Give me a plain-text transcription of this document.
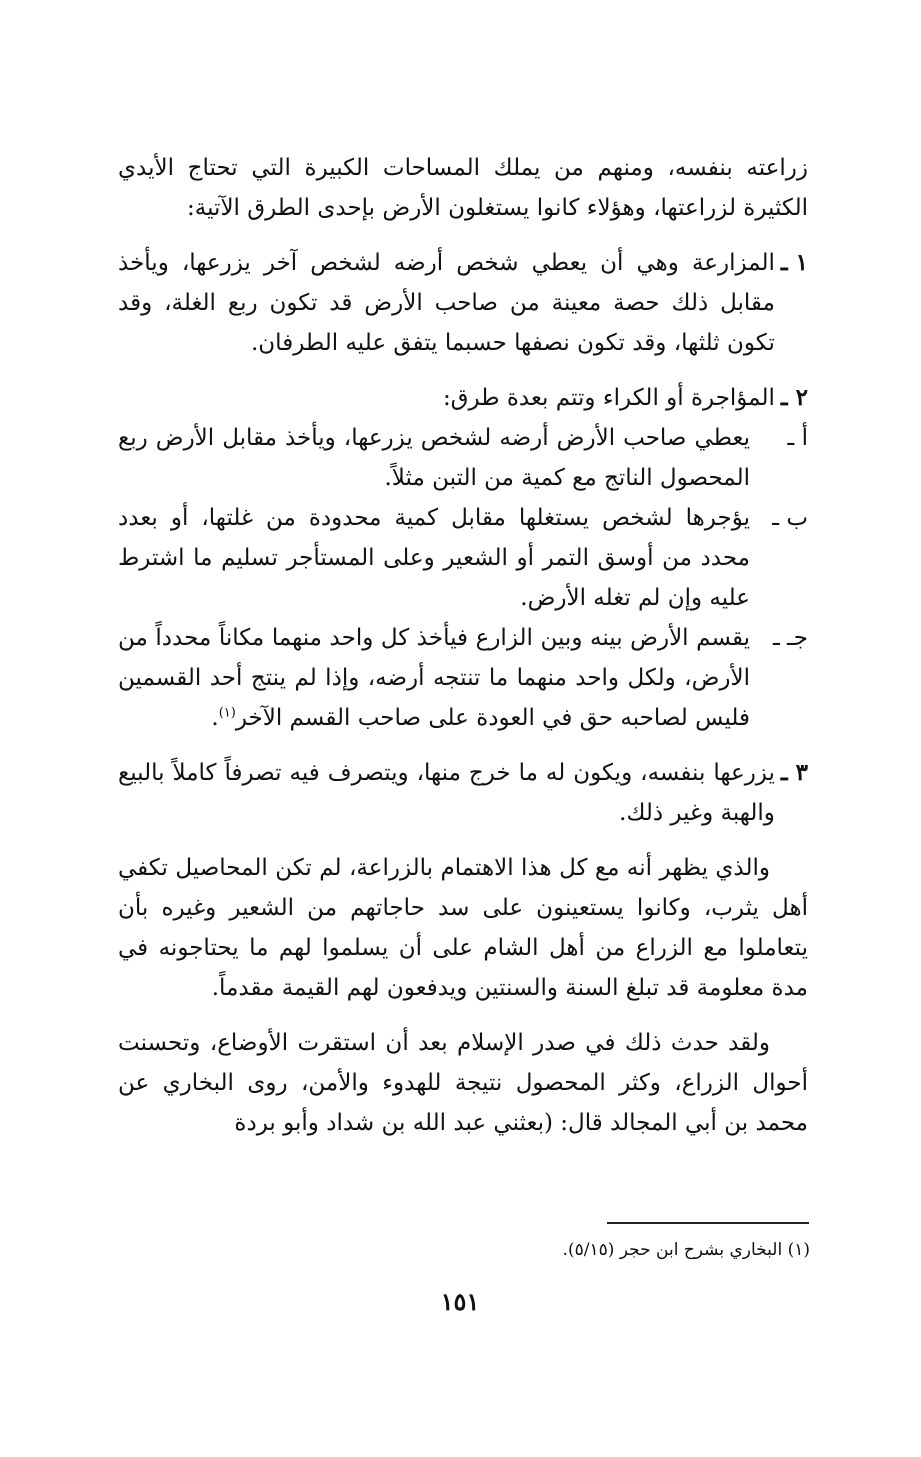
زراعته بنفسه، ومنهم من يملك المساحات الكبيرة التي تحتاج الأيدي الكثيرة لزراعتها، وهؤلاء كانوا يستغلون الأرض بإحدى الطرق الآتية:

١ ـ

المزارعة وهي أن يعطي شخص أرضه لشخص آخر يزرعها، ويأخذ مقابل ذلك حصة معينة من صاحب الأرض قد تكون ربع الغلة، وقد تكون ثلثها، وقد تكون نصفها حسبما يتفق عليه الطرفان.

٢ ـ

المؤاجرة أو الكراء وتتم بعدة طرق:

أ ـ

يعطي صاحب الأرض أرضه لشخص يزرعها، ويأخذ مقابل الأرض ربع المحصول الناتج مع كمية من التبن مثلاً.

ب ـ

يؤجرها لشخص يستغلها مقابل كمية محدودة من غلتها، أو بعدد محدد من أوسق التمر أو الشعير وعلى المستأجر تسليم ما اشترط عليه وإن لم تغله الأرض.

جـ ـ
يقسم الأرض بينه وبين الزارع فيأخذ كل واحد منهما مكاناً محدداً من الأرض، ولكل واحد منهما ما تنتجه أرضه، وإذا لم ينتج أحد القسمين فليس لصاحبه حق في العودة على صاحب القسم الآخر$^{(١)}$.
٣ ـ

يزرعها بنفسه، ويكون له ما خرج منها، ويتصرف فيه تصرفاً كاملاً بالبيع والهبة وغير ذلك.

والذي يظهر أنه مع كل هذا الاهتمام بالزراعة، لم تكن المحاصيل تكفي أهل يثرب، وكانوا يستعينون على سد حاجاتهم من الشعير وغيره بأن يتعاملوا مع الزراع من أهل الشام على أن يسلموا لهم ما يحتاجونه في مدة معلومة قد تبلغ السنة والسنتين ويدفعون لهم القيمة مقدماً.

ولقد حدث ذلك في صدر الإسلام بعد أن استقرت الأوضاع، وتحسنت أحوال الزراع، وكثر المحصول نتيجة للهدوء والأمن، روى البخاري عن محمد بن أبي المجالد قال: (بعثني عبد الله بن شداد وأبو بردة

(١) البخاري بشرح ابن حجر (٥/١٥).

١٥١
